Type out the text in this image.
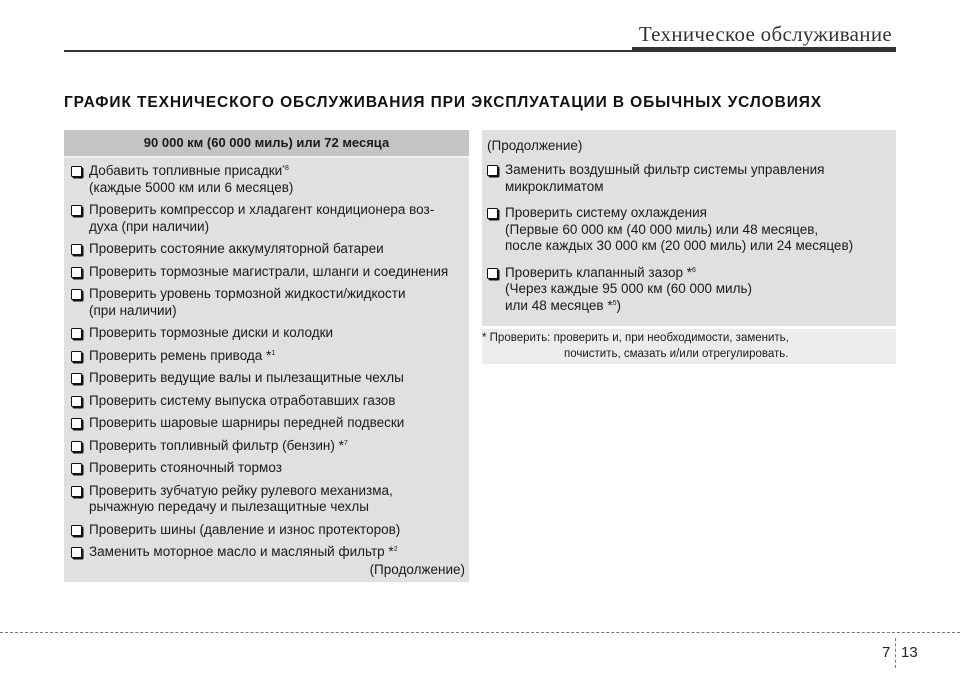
Техническое обслуживание
ГРАФИК ТЕХНИЧЕСКОГО ОБСЛУЖИВАНИЯ ПРИ ЭКСПЛУАТАЦИИ В ОБЫЧНЫХ УСЛОВИЯХ
90 000 км (60 000 миль) или 72 месяца
Добавить топливные присадки$^{*8}$
(каждые 5000 км или 6 месяцев)
Проверить компрессор и хладагент кондиционера воз-
духа (при наличии)
Проверить состояние аккумуляторной батареи
Проверить тормозные магистрали, шланги и соединения
Проверить уровень тормозной жидкости/жидкости
(при наличии)
Проверить тормозные диски и колодки
Проверить ремень привода *$^1$
Проверить ведущие валы и пылезащитные чехлы
Проверить систему выпуска отработавших газов
Проверить шаровые шарниры передней подвески
Проверить топливный фильтр (бензин) *$^7$
Проверить стояночный тормоз
Проверить зубчатую рейку рулевого механизма,
рычажную передачу и пылезащитные чехлы
Проверить шины (давление и износ протекторов)
Заменить моторное масло и масляный фильтр *$^2$
(Продолжение)
(Продолжение)
Заменить воздушный фильтр системы управления
микроклиматом
Проверить систему охлаждения
(Первые 60 000 км (40 000 миль) или 48 месяцев,
после каждых 30 000 км (20 000 миль) или 24 месяцев)
Проверить клапанный зазор *$^6$
(Через каждые 95 000 км (60 000 миль)
или 48 месяцев *$^5$)
* Проверить: проверить и, при необходимости, заменить,
почистить, смазать и/или отрегулировать.
7 13
